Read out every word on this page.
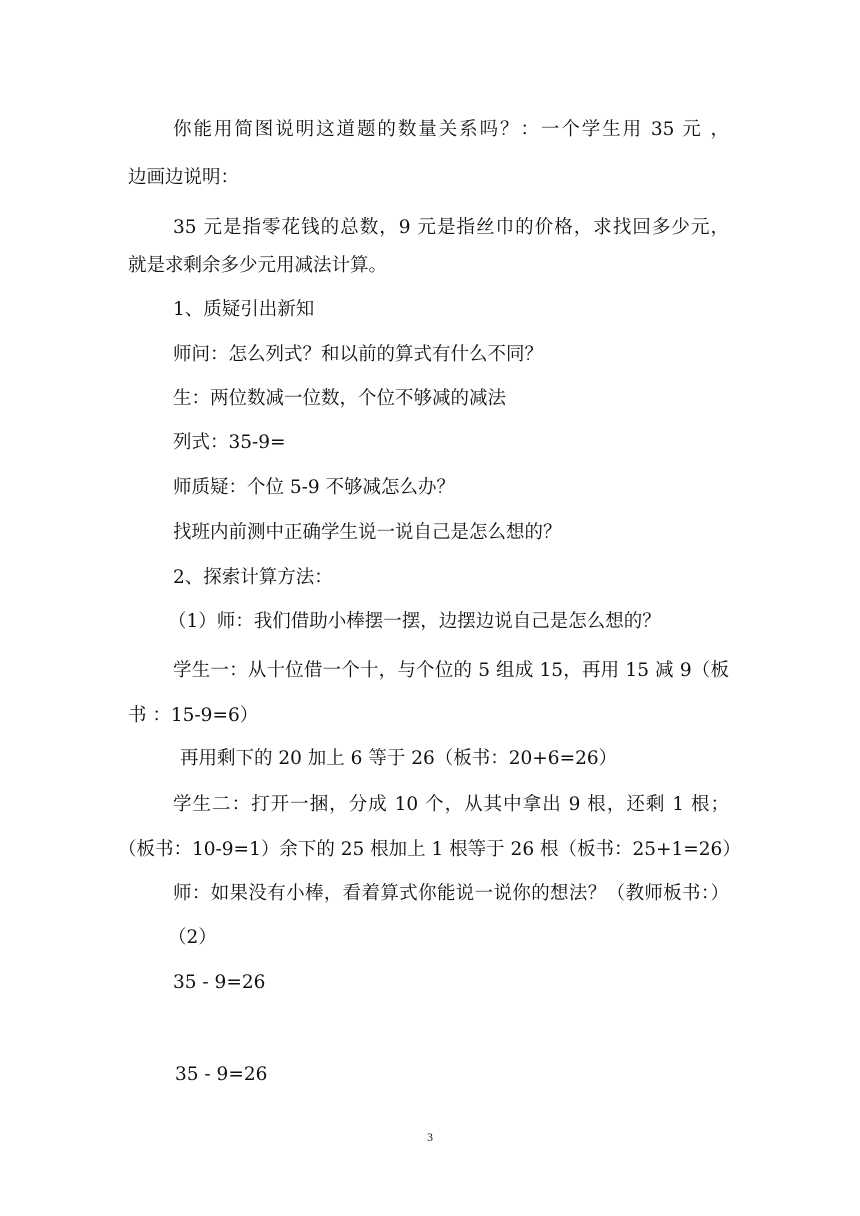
你能用简图说明这道题的数量关系吗？：一个学生用 35 元 ，
边画边说明：
35 元是指零花钱的总数，9 元是指丝巾的价格，求找回多少元，
就是求剩余多少元用减法计算。
1、质疑引出新知
师问：怎么列式？和以前的算式有什么不同？
生：两位数减一位数，个位不够减的减法
列式：35-9=
师质疑：个位 5-9 不够减怎么办？
找班内前测中正确学生说一说自己是怎么想的？
2、探索计算方法：
（1）师：我们借助小棒摆一摆，边摆边说自己是怎么想的？
学生一：从十位借一个十，与个位的 5 组成 15，再用 15 减 9（板
书 ：15-9=6）
再用剩下的 20 加上 6 等于 26（板书：20+6=26）
学生二：打开一捆，分成 10 个，从其中拿出 9 根，还剩 1 根；
（板书：10-9=1）余下的 25 根加上 1 根等于 26 根（板书：25+1=26）
师：如果没有小棒，看着算式你能说一说你的想法？（教师板书：）
（2）
35 - 9=26
35 - 9=26
3
